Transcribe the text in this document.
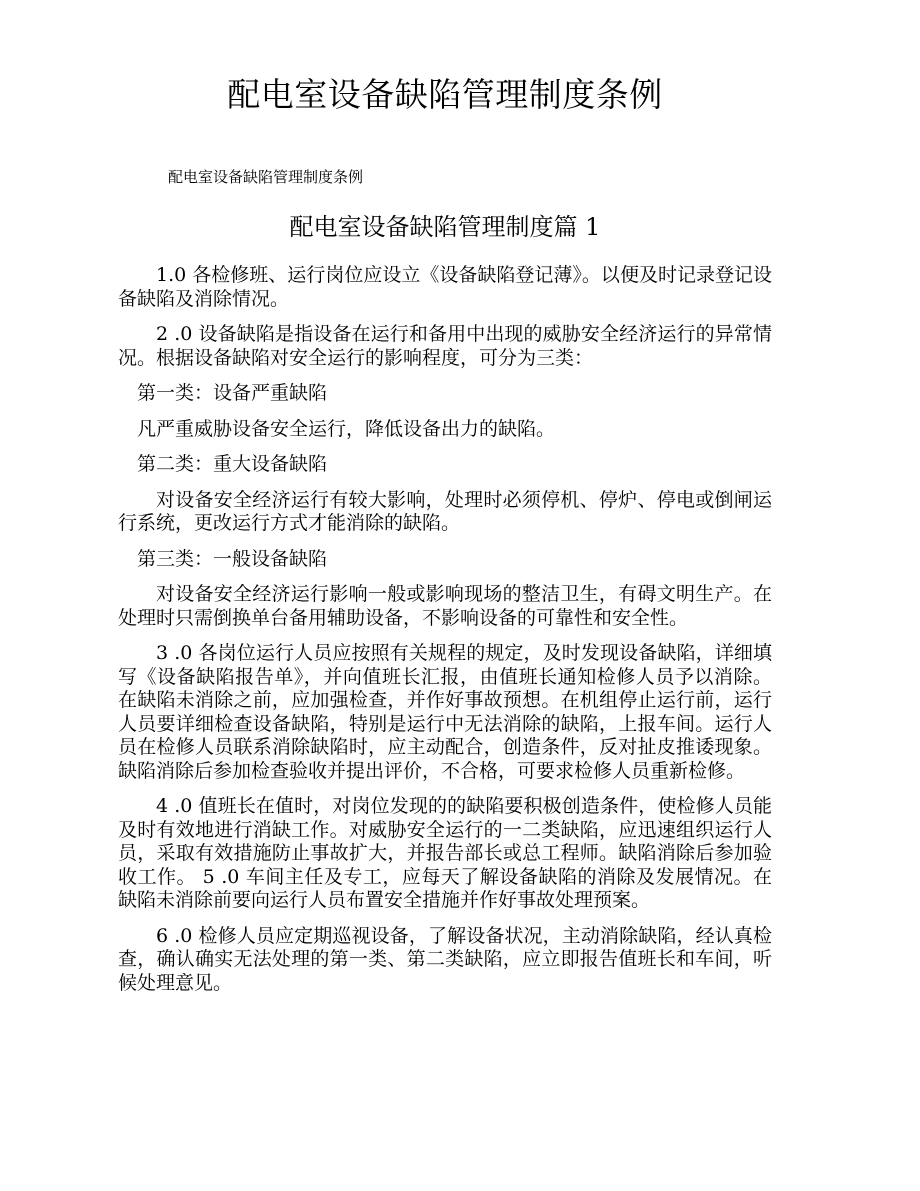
配电室设备缺陷管理制度条例

配电室设备缺陷管理制度条例

配电室设备缺陷管理制度篇 1

1.0 各检修班、运行岗位应设立《设备缺陷登记薄》。以便及时记录登记设备缺陷及消除情况。

2 .0 设备缺陷是指设备在运行和备用中出现的威胁安全经济运行的异常情况。根据设备缺陷对安全运行的影响程度，可分为三类：

第一类：设备严重缺陷

凡严重威胁设备安全运行，降低设备出力的缺陷。

第二类：重大设备缺陷

对设备安全经济运行有较大影响，处理时必须停机、停炉、停电或倒闸运行系统，更改运行方式才能消除的缺陷。

第三类：一般设备缺陷

对设备安全经济运行影响一般或影响现场的整洁卫生，有碍文明生产。在处理时只需倒换单台备用辅助设备，不影响设备的可靠性和安全性。

3 .0 各岗位运行人员应按照有关规程的规定，及时发现设备缺陷，详细填写《设备缺陷报告单》，并向值班长汇报，由值班长通知检修人员予以消除。在缺陷未消除之前，应加强检查，并作好事故预想。在机组停止运行前，运行人员要详细检查设备缺陷，特别是运行中无法消除的缺陷，上报车间。运行人员在检修人员联系消除缺陷时，应主动配合，创造条件，反对扯皮推诿现象。缺陷消除后参加检查验收并提出评价，不合格，可要求检修人员重新检修。

4 .0 值班长在值时，对岗位发现的的缺陷要积极创造条件，使检修人员能及时有效地进行消缺工作。对威胁安全运行的一二类缺陷，应迅速组织运行人员，采取有效措施防止事故扩大，并报告部长或总工程师。缺陷消除后参加验收工作。 5 .0 车间主任及专工，应每天了解设备缺陷的消除及发展情况。在缺陷未消除前要向运行人员布置安全措施并作好事故处理预案。

6 .0 检修人员应定期巡视设备，了解设备状况，主动消除缺陷，经认真检查，确认确实无法处理的第一类、第二类缺陷，应立即报告值班长和车间，听候处理意见。
